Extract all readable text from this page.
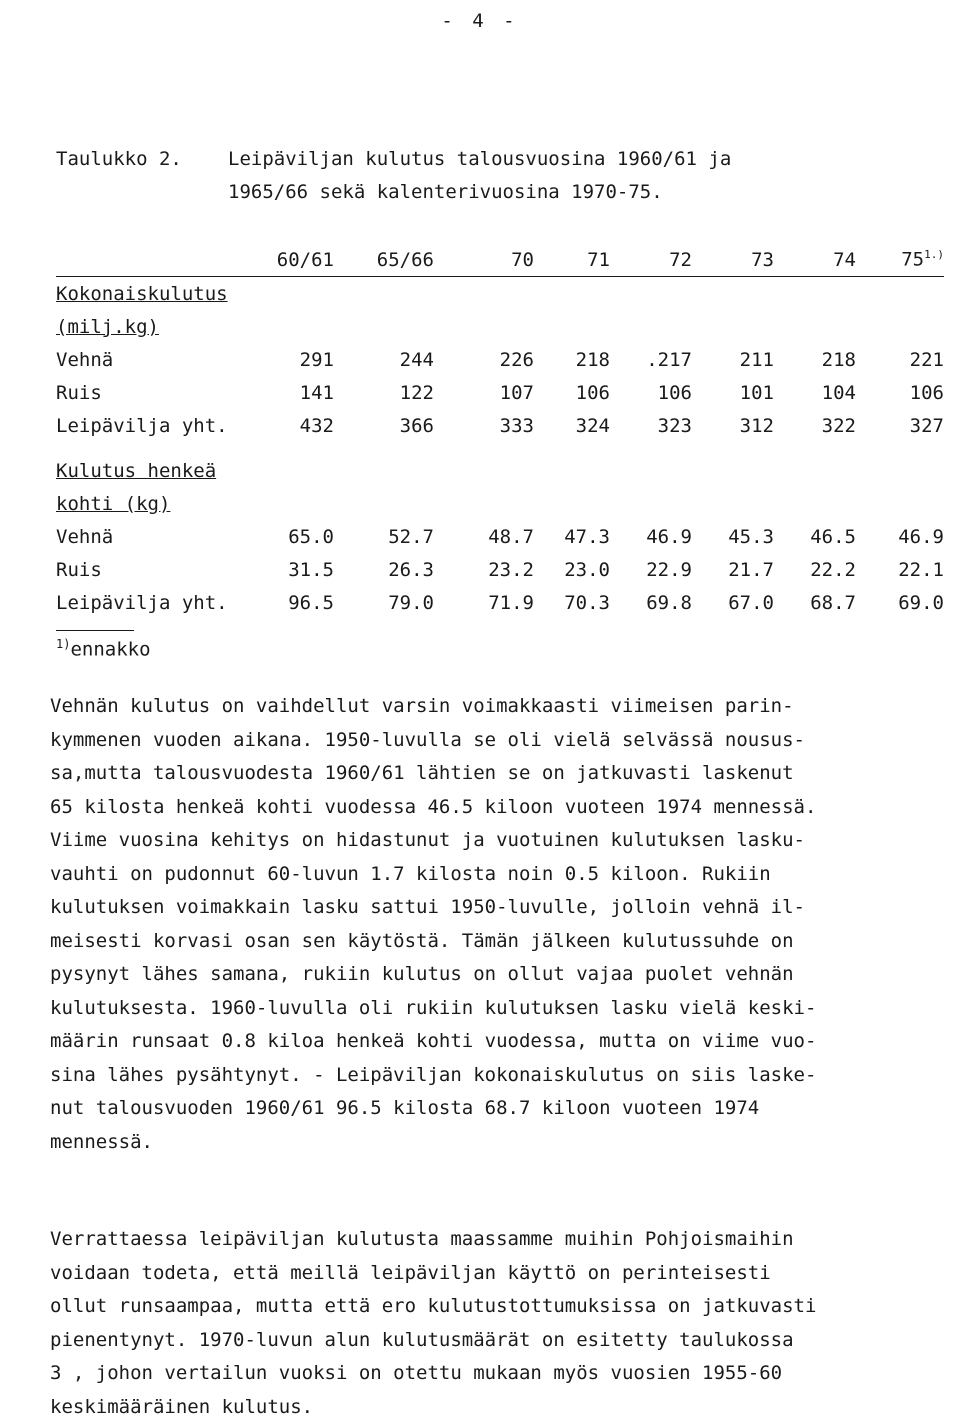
- 4 -
Taulukko 2. Leipäviljan kulutus talousvuosina 1960/61 ja
1965/66 sekä kalenterivuosina 1970-75.
	60/61	65/66	70	71	72	73	74	$75^{1.)}$
Kokonaiskulutus								
(milj.kg)								
Vehnä	291	244	226	218	.217	211	218	221
Ruis	141	122	107	106	106	101	104	106
Leipävilja yht.	432	366	333	324	323	312	322	327

Kulutus henkeä								
kohti (kg)								
Vehnä	65.0	52.7	48.7	47.3	46.9	45.3	46.5	46.9
Ruis	31.5	26.3	23.2	23.0	22.9	21.7	22.2	22.1
Leipävilja yht.	96.5	79.0	71.9	70.3	69.8	67.0	68.7	69.0
$^{1)}$ennakko
Vehnän kulutus on vaihdellut varsin voimakkaasti viimeisen parin-
kymmenen vuoden aikana. 1950-luvulla se oli vielä selvässä nousus-
sa,mutta talousvuodesta 1960/61 lähtien se on jatkuvasti laskenut
65 kilosta henkeä kohti vuodessa 46.5 kiloon vuoteen 1974 mennessä.
Viime vuosina kehitys on hidastunut ja vuotuinen kulutuksen lasku-
vauhti on pudonnut 60-luvun 1.7 kilosta noin 0.5 kiloon. Rukiin
kulutuksen voimakkain lasku sattui 1950-luvulle, jolloin vehnä il-
meisesti korvasi osan sen käytöstä. Tämän jälkeen kulutussuhde on
pysynyt lähes samana, rukiin kulutus on ollut vajaa puolet vehnän
kulutuksesta. 1960-luvulla oli rukiin kulutuksen lasku vielä keski-
määrin runsaat 0.8 kiloa henkeä kohti vuodessa, mutta on viime vuo-
sina lähes pysähtynyt. - Leipäviljan kokonaiskulutus on siis laske-
nut talousvuoden 1960/61 96.5 kilosta 68.7 kiloon vuoteen 1974
mennessä.
Verrattaessa leipäviljan kulutusta maassamme muihin Pohjoismaihin
voidaan todeta, että meillä leipäviljan käyttö on perinteisesti
ollut runsaampaa, mutta että ero kulutustottumuksissa on jatkuvasti
pienentynyt. 1970-luvun alun kulutusmäärät on esitetty taulukossa
3 , johon vertailun vuoksi on otettu mukaan myös vuosien 1955-60
keskimääräinen kulutus.
